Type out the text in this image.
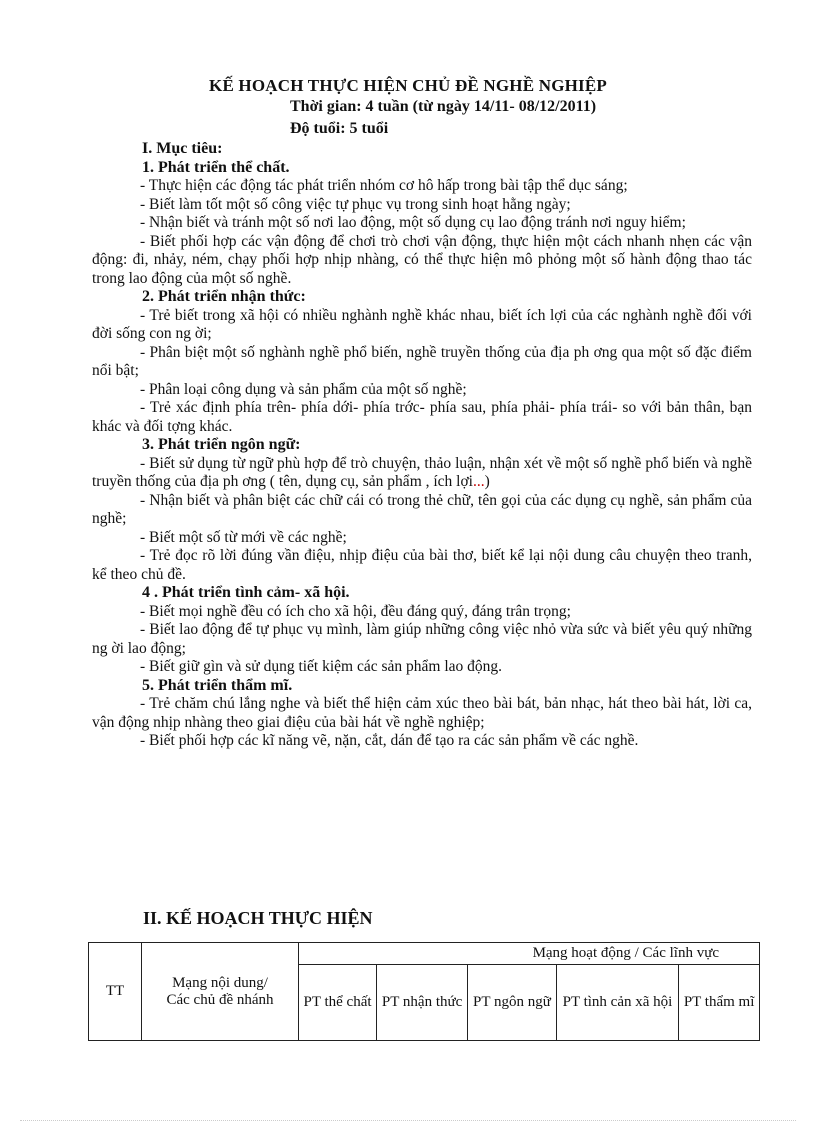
KẾ HOẠCH THỰC HIỆN CHỦ ĐỀ NGHỀ NGHIỆP
Thời gian: 4 tuần (từ ngày 14/11- 08/12/2011)
Độ tuổi: 5 tuổi
I. Mục tiêu:
1. Phát triển thể chất.
- Thực hiện các động tác phát triển nhóm cơ hô hấp trong bài tập thể dục sáng;
- Biết làm tốt một số công việc tự phục vụ trong sinh hoạt hằng ngày;
- Nhận biết và tránh một số nơi lao động, một số dụng cụ lao động tránh nơi nguy hiểm;
- Biết phối hợp các vận động để chơi trò chơi vận động, thực hiện một cách nhanh nhẹn các vận động: đi, nhảy, ném, chạy phối hợp nhịp nhàng, có thể thực hiện mô phỏng một số hành động thao tác trong lao động của một số nghề.
2. Phát triển nhận thức:
- Trẻ biết trong xã hội có nhiều nghành nghề khác nhau, biết ích lợi của các nghành nghề đối với đời sống con ng ời;
- Phân biệt một số nghành nghề phổ biến, nghề truyền thống của địa ph ơng qua một số đặc điểm nổi bật;
- Phân loại công dụng và sản phẩm của một số nghề;
- Trẻ xác định phía trên- phía dới- phía trớc- phía sau, phía phải- phía trái- so với bản thân, bạn khác và đối tợng khác.
3. Phát triển ngôn ngữ:
- Biết sử dụng từ ngữ phù hợp để trò chuyện, thảo luận, nhận xét về một số nghề phổ biến và nghề truyền thống của địa ph ơng ( tên, dụng cụ, sản phẩm , ích lợi...)
- Nhận biết và phân biệt các chữ cái có trong thẻ chữ, tên gọi của các dụng cụ nghề, sản phẩm của nghề;
- Biết một số từ mới về các nghề;
- Trẻ đọc rõ lời đúng vần điệu, nhịp điệu của bài thơ, biết kể lại nội dung câu chuyện theo tranh, kể theo chủ đề.
4 . Phát triển tình cảm- xã hội.
- Biết mọi nghề đều có ích cho xã hội, đều đáng quý, đáng trân trọng;
- Biết lao động để tự phục vụ mình, làm giúp những công việc nhỏ vừa sức và biết yêu quý những ng ời lao động;
- Biết giữ gìn và sử dụng tiết kiệm các sản phẩm lao động.
5. Phát triển thẩm mĩ.
- Trẻ chăm chú lắng nghe và biết thể hiện cảm xúc theo bài bát, bản nhạc, hát theo bài hát, lời ca, vận động nhịp nhàng theo giai điệu của bài hát về nghề nghiệp;
- Biết phối hợp các kĩ năng vẽ, nặn, cắt, dán để tạo ra các sản phẩm về các nghề.
II. KẾ HOẠCH THỰC HIỆN
TT	Mạng nội dung/ Các chủ đề nhánh	Mạng hoạt động / Các lĩnh vực				
		PT thể chất	PT nhận thức	PT ngôn ngữ	PT tình cản xã hội	PT thẩm mĩ
